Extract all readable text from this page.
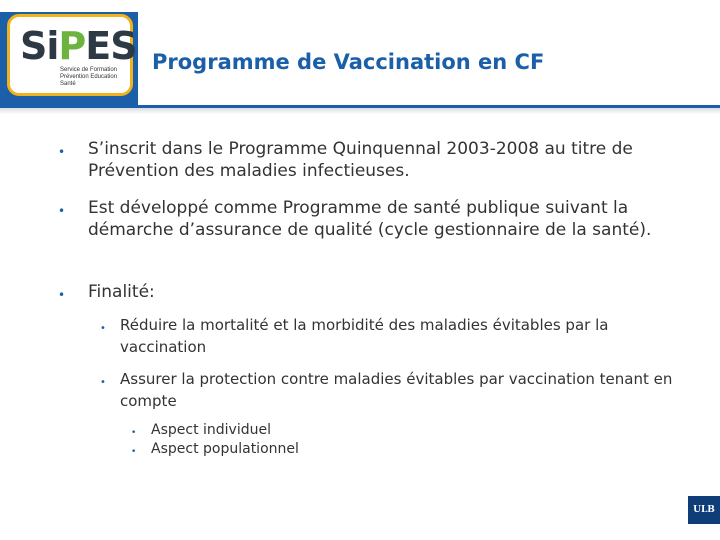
SiPES
Service de Formation Prévention Education Santé
Programme de Vaccination en CF
• S’inscrit dans le Programme Quinquennal 2003-2008 au titre de Prévention des maladies infectieuses.
• Est développé comme Programme de santé publique suivant la démarche d’assurance de qualité (cycle gestionnaire de la santé).
• Finalité:
• Réduire la mortalité et la morbidité des maladies évitables par la vaccination
• Assurer la protection contre maladies évitables par vaccination tenant en compte
• Aspect individuel
• Aspect populationnel
ULB
